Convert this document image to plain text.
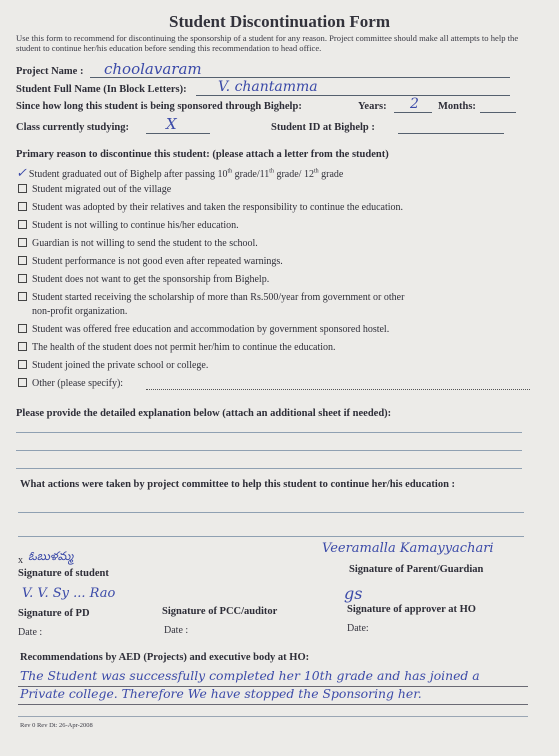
Student Discontinuation Form
Use this form to recommend for discontinuing the sponsorship of a student for any reason. Project committee should make all attempts to help the student to continue her/his education before sending this recommendation to head office.
Project Name : choolavaram
Student Full Name (In Block Letters): V. chantamma
Since how long this student is being sponsored through Bighelp:	Years: 2 Months:
Class currently studying: X	Student ID at Bighelp :
Primary reason to discontinue this student: (please attach a letter from the student)
✓ Student graduated out of Bighelp after passing 10th grade/11th grade/ 12th grade
Student migrated out of the village
Student was adopted by their relatives and taken the responsibility to continue the education.
Student is not willing to continue his/her education.
Guardian is not willing to send the student to the school.
Student performance is not good even after repeated warnings.
Student does not want to get the sponsorship from Bighelp.
Student started receiving the scholarship of more than Rs.500/year from government or other
non-profit organization.
Student was offered free education and accommodation by government sponsored hostel.
The health of the student does not permit her/him to continue the education.
Student joined the private school or college.
Other (please specify):
Please provide the detailed explanation below (attach an additional sheet if needed):
What actions were taken by project committee to help this student to continue her/his education :
x ఓబుళమ్మ	Veeramalla Kamayyachari
Signature of student	Signature of Parent/Guardian
V. V. Sy ... Rao	gs
Signature of PD	Signature of PCC/auditor	Signature of approver at HO
Date :	Date :	Date:
Recommendations by AED (Projects) and executive body at HO:
The Student was successfully completed her 10th grade and has joined a
Private college. Therefore We have stopped the Sponsoring her.
Rev 0 Rev Dt: 26-Apr-2008
